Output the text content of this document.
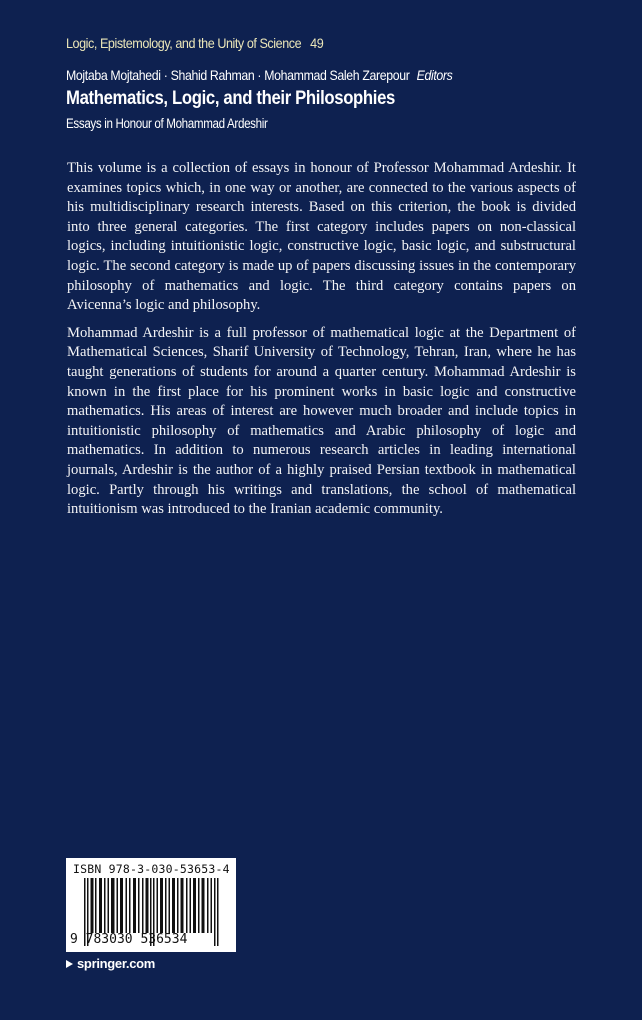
Logic, Epistemology, and the Unity of Science 49
Mojtaba Mojtahedi · Shahid Rahman · Mohammad Saleh Zarepour Editors
Mathematics, Logic, and their Philosophies
Essays in Honour of Mohammad Ardeshir

This volume is a collection of essays in honour of Professor Mohammad Ardeshir. It examines topics which, in one way or another, are connected to the various aspects of his multidisciplinary research interests. Based on this criterion, the book is divided into three general categories. The first category includes papers on non-classical logics, including intuitionistic logic, constructive logic, basic logic, and substructural logic. The second category is made up of papers discussing issues in the contemporary philosophy of mathematics and logic. The third category contains papers on Avicenna’s logic and philosophy.

Mohammad Ardeshir is a full professor of mathematical logic at the Department of Mathematical Sciences, Sharif University of Technology, Tehran, Iran, where he has taught generations of students for around a quarter century. Mohammad Ardeshir is known in the first place for his prominent works in basic logic and constructive mathematics. His areas of interest are however much broader and include topics in intuitionistic philosophy of mathematics and Arabic philosophy of logic and mathematics. In addition to numerous research articles in leading international journals, Ardeshir is the author of a highly praised Persian textbook in mathematical logic. Partly through his writings and translations, the school of mathematical intuitionism was introduced to the Iranian academic community.

ISBN 978-3-030-53653-4
9 783030 536534
springer.com
